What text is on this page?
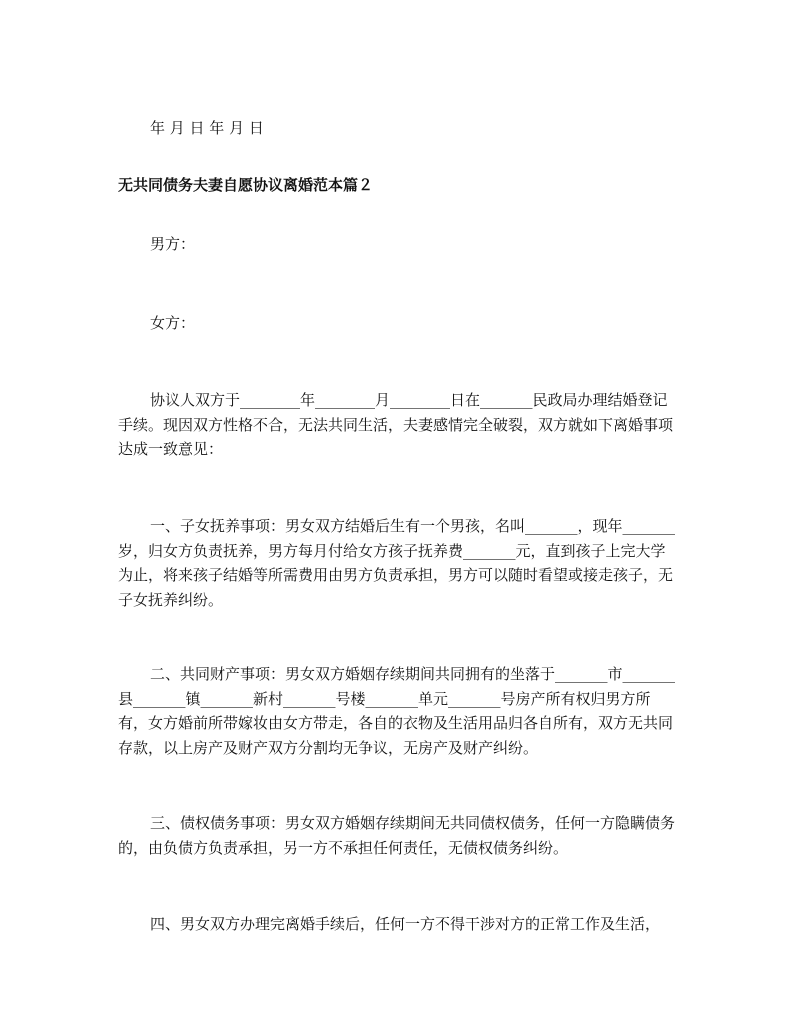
年 月 日 年 月 日

无共同债务夫妻自愿协议离婚范本篇２

男方：

女方：

协议人双方于________年________月________日在_______民政局办理结婚登记手续。现因双方性格不合，无法共同生活，夫妻感情完全破裂，双方就如下离婚事项达成一致意见：

一、子女抚养事项：男女双方结婚后生有一个男孩，名叫_______，现年_______岁，归女方负责抚养，男方每月付给女方孩子抚养费_______元，直到孩子上完大学为止，将来孩子结婚等所需费用由男方负责承担，男方可以随时看望或接走孩子，无子女抚养纠纷。

二、共同财产事项：男女双方婚姻存续期间共同拥有的坐落于_______市_______县_______镇_______新村_______号楼_______单元_______号房产所有权归男方所有，女方婚前所带嫁妆由女方带走，各自的衣物及生活用品归各自所有，双方无共同存款，以上房产及财产双方分割均无争议，无房产及财产纠纷。

三、债权债务事项：男女双方婚姻存续期间无共同债权债务，任何一方隐瞒债务的，由负债方负责承担，另一方不承担任何责任，无债权债务纠纷。

四、男女双方办理完离婚手续后，任何一方不得干涉对方的正常工作及生活，
